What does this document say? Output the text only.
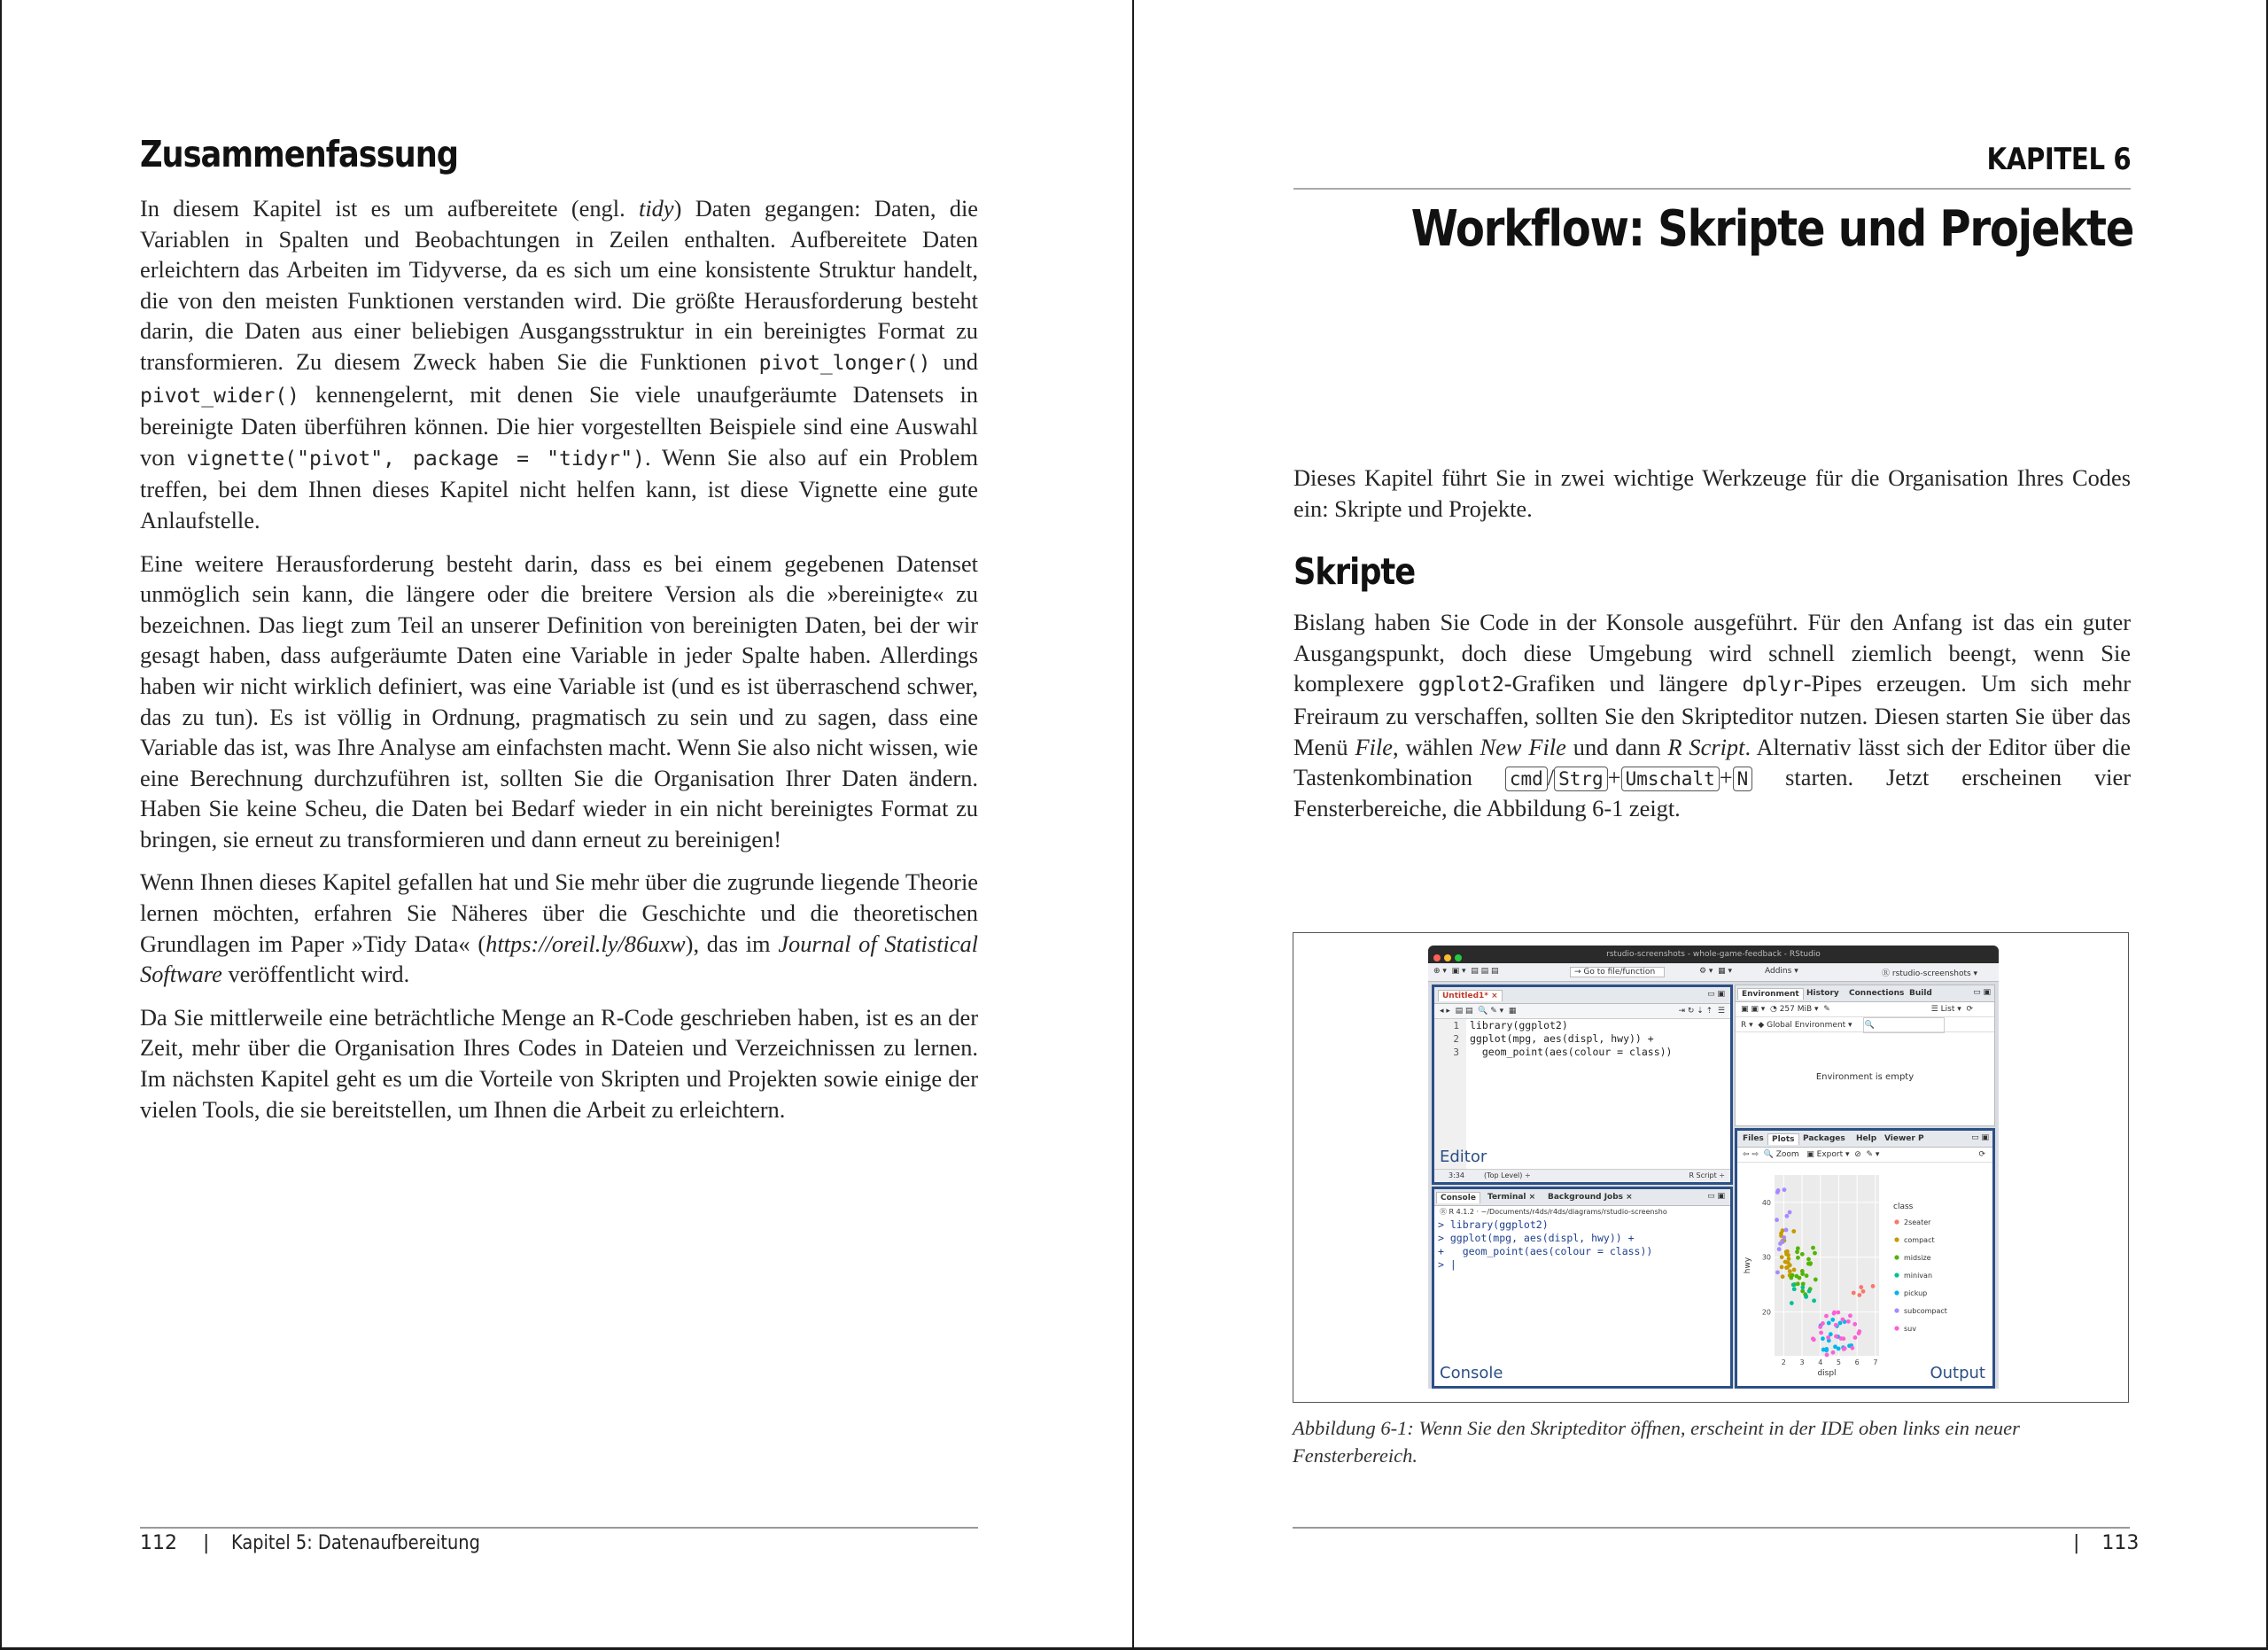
Zusammenfassung

In diesem Kapitel ist es um aufbereitete (engl. tidy) Daten gegangen: Daten, die Variablen in Spalten und Beobachtungen in Zeilen enthalten. Aufbereitete Daten erleichtern das Arbeiten im Tidyverse, da es sich um eine konsistente Struktur handelt, die von den meisten Funktionen verstanden wird. Die größte Herausforderung besteht darin, die Daten aus einer beliebigen Ausgangsstruktur in ein bereinigtes Format zu transformieren. Zu diesem Zweck haben Sie die Funktionen pivot_longer() und pivot_wider() kennengelernt, mit denen Sie viele unaufgeräumte Datensets in bereinigte Daten überführen können. Die hier vorgestellten Beispiele sind eine Auswahl von vignette("pivot", package = "tidyr"). Wenn Sie also auf ein Problem treffen, bei dem Ihnen dieses Kapitel nicht helfen kann, ist diese Vignette eine gute Anlaufstelle.

Eine weitere Herausforderung besteht darin, dass es bei einem gegebenen Datenset unmöglich sein kann, die längere oder die breitere Version als die »bereinigte« zu bezeichnen. Das liegt zum Teil an unserer Definition von bereinigten Daten, bei der wir gesagt haben, dass aufgeräumte Daten eine Variable in jeder Spalte haben. Allerdings haben wir nicht wirklich definiert, was eine Variable ist (und es ist überraschend schwer, das zu tun). Es ist völlig in Ordnung, pragmatisch zu sein und zu sagen, dass eine Variable das ist, was Ihre Analyse am einfachsten macht. Wenn Sie also nicht wissen, wie eine Berechnung durchzuführen ist, sollten Sie die Organisation Ihrer Daten ändern. Haben Sie keine Scheu, die Daten bei Bedarf wieder in ein nicht bereinigtes Format zu bringen, sie erneut zu transformieren und dann erneut zu bereinigen!

Wenn Ihnen dieses Kapitel gefallen hat und Sie mehr über die zugrunde liegende Theorie lernen möchten, erfahren Sie Näheres über die Geschichte und die theoretischen Grundlagen im Paper »Tidy Data« (https://oreil.ly/86uxw), das im Journal of Statistical Software veröffentlicht wird.

Da Sie mittlerweile eine beträchtliche Menge an R-Code geschrieben haben, ist es an der Zeit, mehr über die Organisation Ihres Codes in Dateien und Verzeichnissen zu lernen. Im nächsten Kapitel geht es um die Vorteile von Skripten und Projekten sowie einige der vielen Tools, die sie bereitstellen, um Ihnen die Arbeit zu erleichtern.

112 | Kapitel 5: Datenaufbereitung
KAPITEL 6
Workflow: Skripte und Projekte

Dieses Kapitel führt Sie in zwei wichtige Werkzeuge für die Organisation Ihres Codes ein: Skripte und Projekte.

Skripte

Bislang haben Sie Code in der Konsole ausgeführt. Für den Anfang ist das ein guter Ausgangspunkt, doch diese Umgebung wird schnell ziemlich beengt, wenn Sie komplexere ggplot2-Grafiken und längere dplyr-Pipes erzeugen. Um sich mehr Freiraum zu verschaffen, sollten Sie den Skripteditor nutzen. Diesen starten Sie über das Menü File, wählen New File und dann R Script. Alternativ lässt sich der Editor über die Tastenkombination cmd / Strg + Umschalt + N starten. Jetzt erscheinen vier Fensterbereiche, die Abbildung 6-1 zeigt.

rstudio-screenshots - whole-game-feedback - RStudio
⊕ ▾  ▣ ▾  ▤ ▤ ▤	→ Go to file/function	⚙ ▾  ▦ ▾	Addins ▾	Ⓡ rstudio-screenshots ▾
Untitled1* ×	▭ ▣
◂ ▸  ▤ ▤  🔍 ✎ ▾  ▦	⇥ ↻ ⇣ ⇡  ☰
1
2
3
library(ggplot2)
ggplot(mpg, aes(displ, hwy)) +
geom_point(aes(colour = class))
Editor
3:34	(Top Level) ÷	R Script ÷
Environment History	Connections Build	▭ ▣
▣ ▣ ▾  ◔ 257 MiB ▾  ✎	☰ List ▾  ⟳
R ▾  ◆ Global Environment ▾ 🔍
Environment is empty
Console	Terminal ×	Background Jobs ×	▭ ▣
Ⓡ R 4.1.2 · ~/Documents/r4ds/r4ds/diagrams/rstudio-screensho
> library(ggplot2)
> ggplot(mpg, aes(displ, hwy)) +
+   geom_point(aes(colour = class))
> |
Console
Files	Plots	Packages	Help Viewer P	▭ ▣
⇦ ⇨  🔍 Zoom   ▣ Export ▾  ⊘  ✎ ▾	⟳
20
30
40
2 3 4 5 6 7
hwy
displ
class
2seater
compact
midsize
minivan
pickup
subcompact
suv
Output
Abbildung 6-1: Wenn Sie den Skripteditor öffnen, erscheint in der IDE oben links ein neuer Fensterbereich.
| 113
